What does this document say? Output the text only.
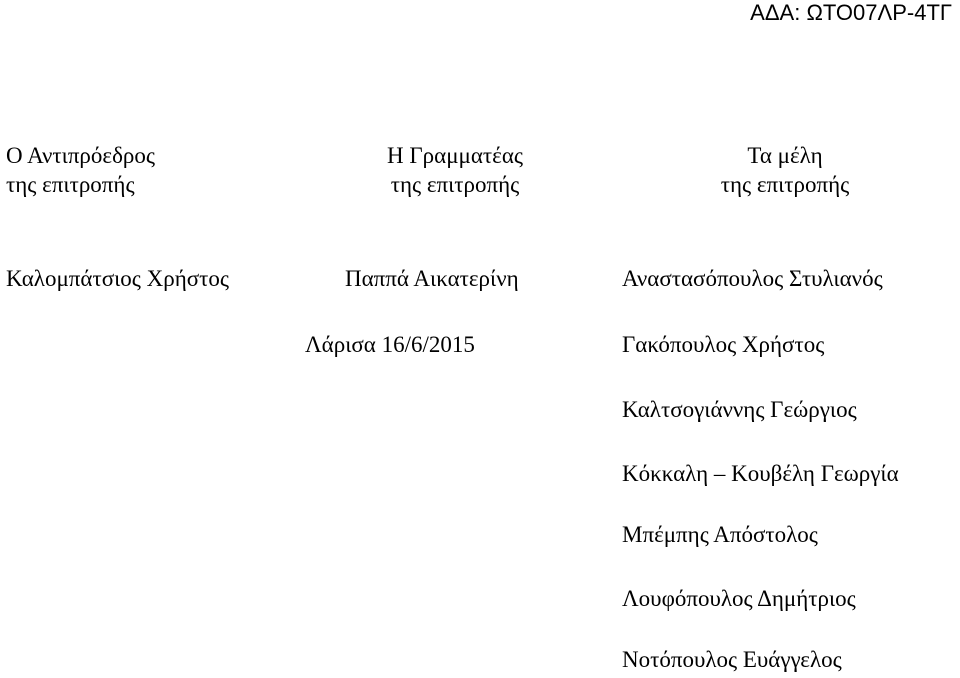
ΑΔΑ: ΩΤΟ07ΛΡ-4ΤΓ
Ο Αντιπρόεδρος
της επιτροπής
Καλομπάτσιος Χρήστος
Η Γραμματέας
της επιτροπής
Παππά Αικατερίνη
Λάρισα 16/6/2015
Τα μέλη
της επιτροπής
Αναστασόπουλος Στυλιανός
Γακόπουλος Χρήστος
Καλτσογιάννης Γεώργιος
Κόκκαλη – Κουβέλη Γεωργία
Μπέμπης Απόστολος
Λουφόπουλος Δημήτριος
Νοτόπουλος Ευάγγελος
